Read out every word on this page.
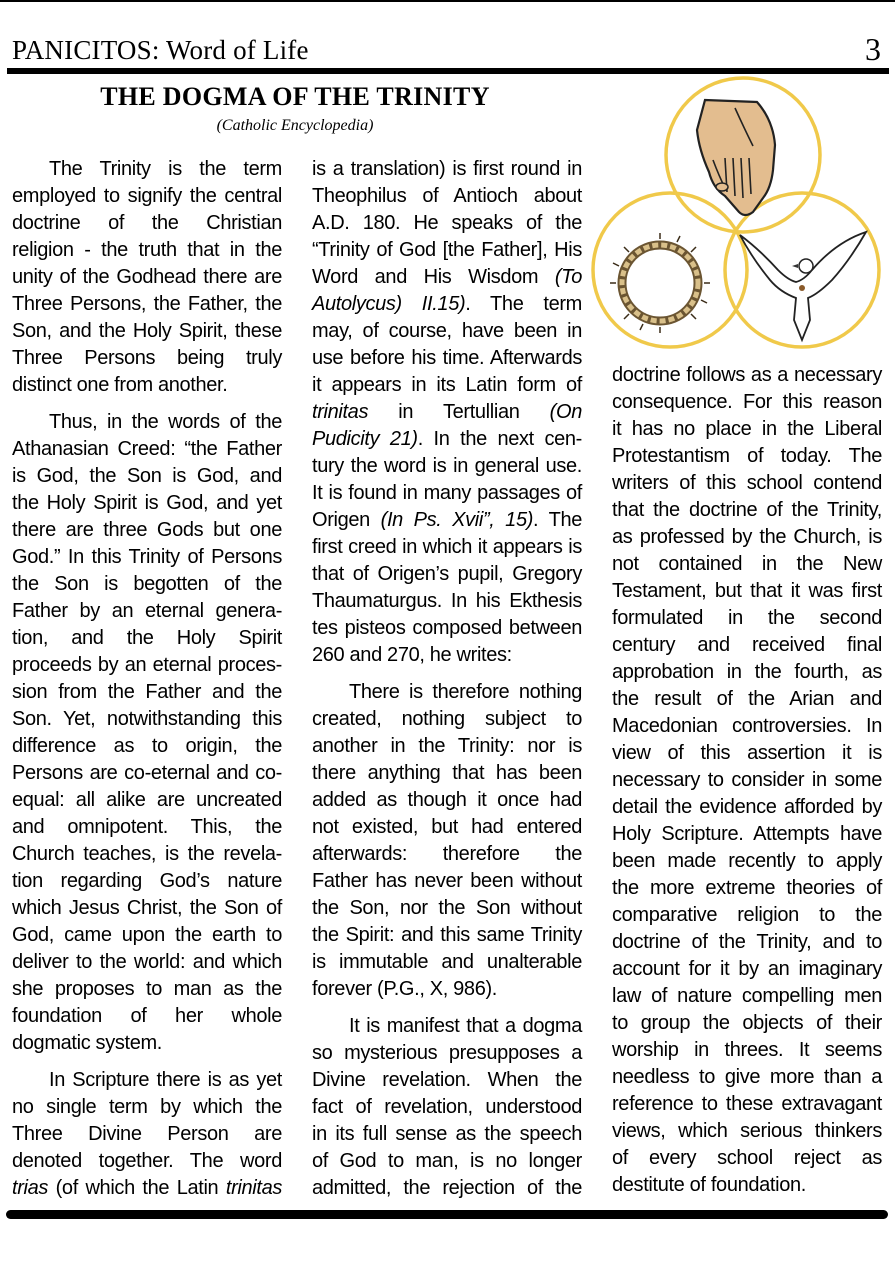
PANICITOS: Word of Life	3
THE DOGMA OF THE TRINITY
(Catholic Encyclopedia)
The Trinity is the term
employed to signify the central
doctrine of the Christian
religion - the truth that in the
unity of the Godhead there are
Three Persons, the Father, the
Son, and the Holy Spirit, these
Three Persons being truly
distinct one from another.
Thus, in the words of the
Athanasian Creed: “the Father
is God, the Son is God, and
the Holy Spirit is God, and yet
there are three Gods but one
God.” In this Trinity of Persons
the Son is begotten of the
Father by an eternal genera-
tion, and the Holy Spirit
proceeds by an eternal proces-
sion from the Father and the
Son. Yet, notwithstanding this
difference as to origin, the
Persons are co-eternal and co-
equal: all alike are uncreated
and omnipotent. This, the
Church teaches, is the revela-
tion regarding God’s nature
which Jesus Christ, the Son of
God, came upon the earth to
deliver to the world: and which
she proposes to man as the
foundation of her whole
dogmatic system.
In Scripture there is as yet
no single term by which the
Three Divine Person are
denoted together. The word
trias (of which the Latin trinitas
is a translation) is first round in
Theophilus of Antioch about
A.D. 180. He speaks of the
“Trinity of God [the Father], His
Word and His Wisdom (To
Autolycus) II.15). The term
may, of course, have been in
use before his time. Afterwards
it appears in its Latin form of
trinitas in Tertullian (On
Pudicity 21). In the next cen-
tury the word is in general use.
It is found in many passages of
Origen (In Ps. Xvii”, 15). The
first creed in which it appears is
that of Origen’s pupil, Gregory
Thaumaturgus. In his Ekthesis
tes pisteos composed between
260 and 270, he writes:
There is therefore nothing
created, nothing subject to
another in the Trinity: nor is
there anything that has been
added as though it once had
not existed, but had entered
afterwards: therefore the
Father has never been without
the Son, nor the Son without
the Spirit: and this same Trinity
is immutable and unalterable
forever (P.G., X, 986).
It is manifest that a dogma
so mysterious presupposes a
Divine revelation. When the
fact of revelation, understood
in its full sense as the speech
of God to man, is no longer
admitted, the rejection of the
doctrine follows as a necessary
consequence. For this reason
it has no place in the Liberal
Protestantism of today. The
writers of this school contend
that the doctrine of the Trinity,
as professed by the Church, is
not contained in the New
Testament, but that it was first
formulated in the second
century and received final
approbation in the fourth, as
the result of the Arian and
Macedonian controversies. In
view of this assertion it is
necessary to consider in some
detail the evidence afforded by
Holy Scripture. Attempts have
been made recently to apply
the more extreme theories of
comparative religion to the
doctrine of the Trinity, and to
account for it by an imaginary
law of nature compelling men
to group the objects of their
worship in threes. It seems
needless to give more than a
reference to these extravagant
views, which serious thinkers
of every school reject as
destitute of foundation.
